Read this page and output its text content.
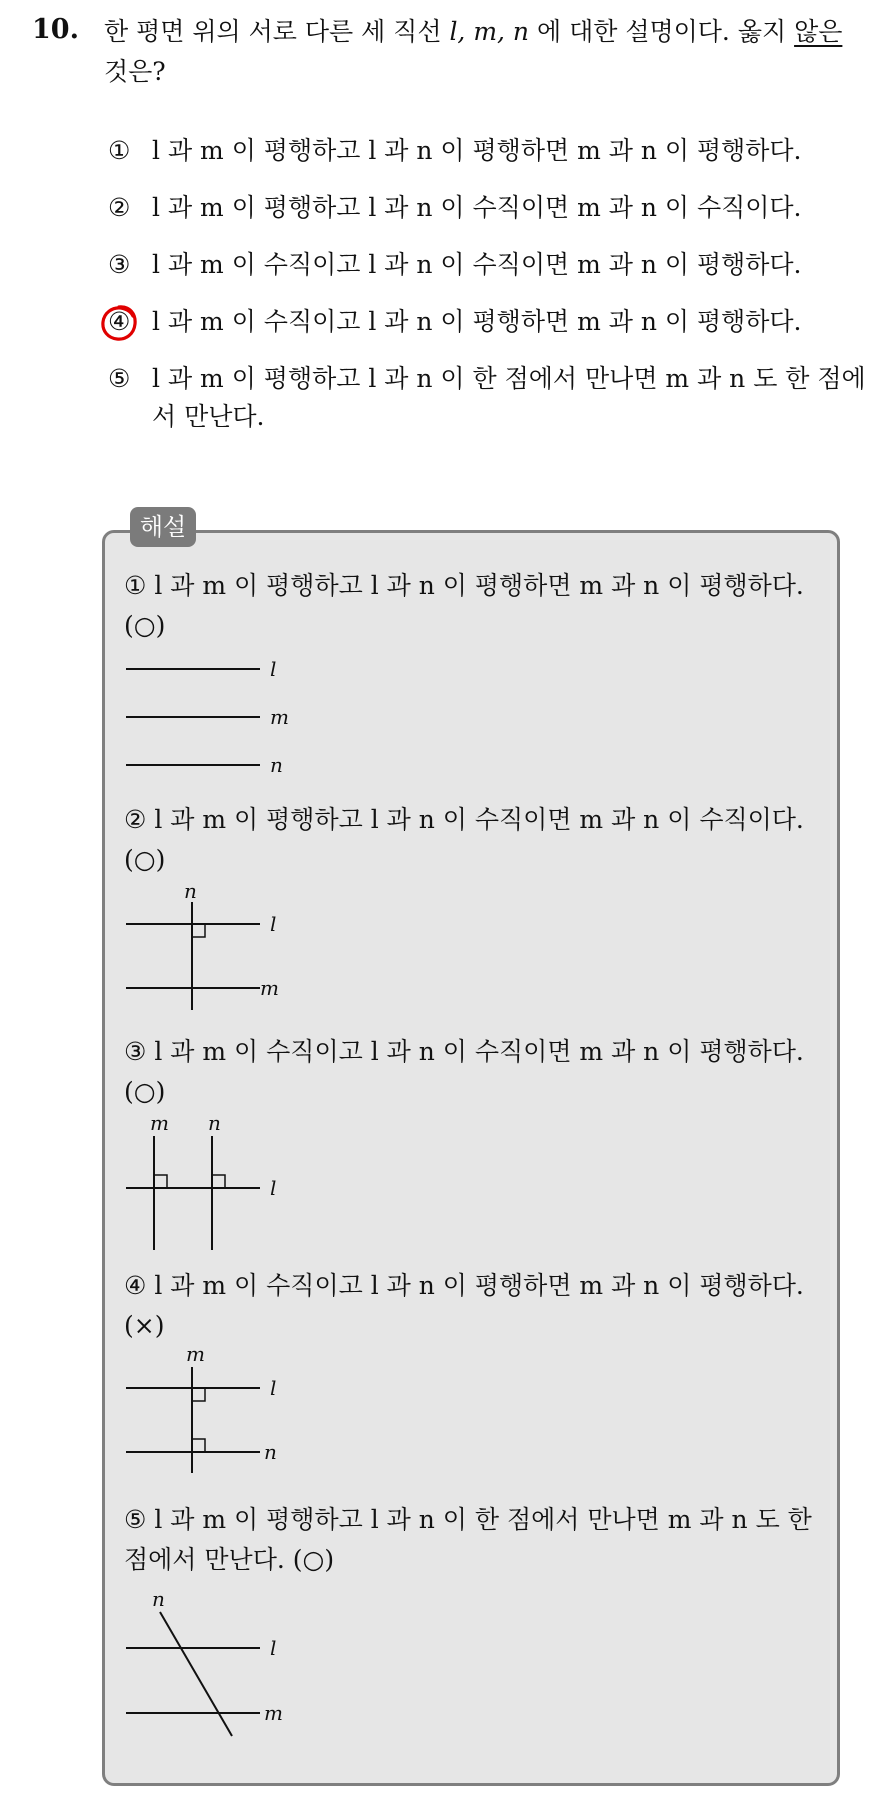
10. 한 평면 위의 서로 다른 세 직선 l, m, n 에 대한 설명이다. 옳지 않은
것은?
① l 과 m 이 평행하고 l 과 n 이 평행하면 m 과 n 이 평행하다.
② l 과 m 이 평행하고 l 과 n 이 수직이면 m 과 n 이 수직이다.
③ l 과 m 이 수직이고 l 과 n 이 수직이면 m 과 n 이 평행하다.
④ l 과 m 이 수직이고 l 과 n 이 평행하면 m 과 n 이 평행하다.
⑤ l 과 m 이 평행하고 l 과 n 이 한 점에서 만나면 m 과 n 도 한 점에서 만난다.
해설
① l 과 m 이 평행하고 l 과 n 이 평행하면 m 과 n 이 평행하다.
(○)
l
m
n
② l 과 m 이 평행하고 l 과 n 이 수직이면 m 과 n 이 수직이다.
(○)
n
l
m
③ l 과 m 이 수직이고 l 과 n 이 수직이면 m 과 n 이 평행하다.
(○)
m n
l
④ l 과 m 이 수직이고 l 과 n 이 평행하면 m 과 n 이 평행하다.
(×)
m
l
n
⑤ l 과 m 이 평행하고 l 과 n 이 한 점에서 만나면 m 과 n 도 한 점에서 만난다. (○)
n
l
m
